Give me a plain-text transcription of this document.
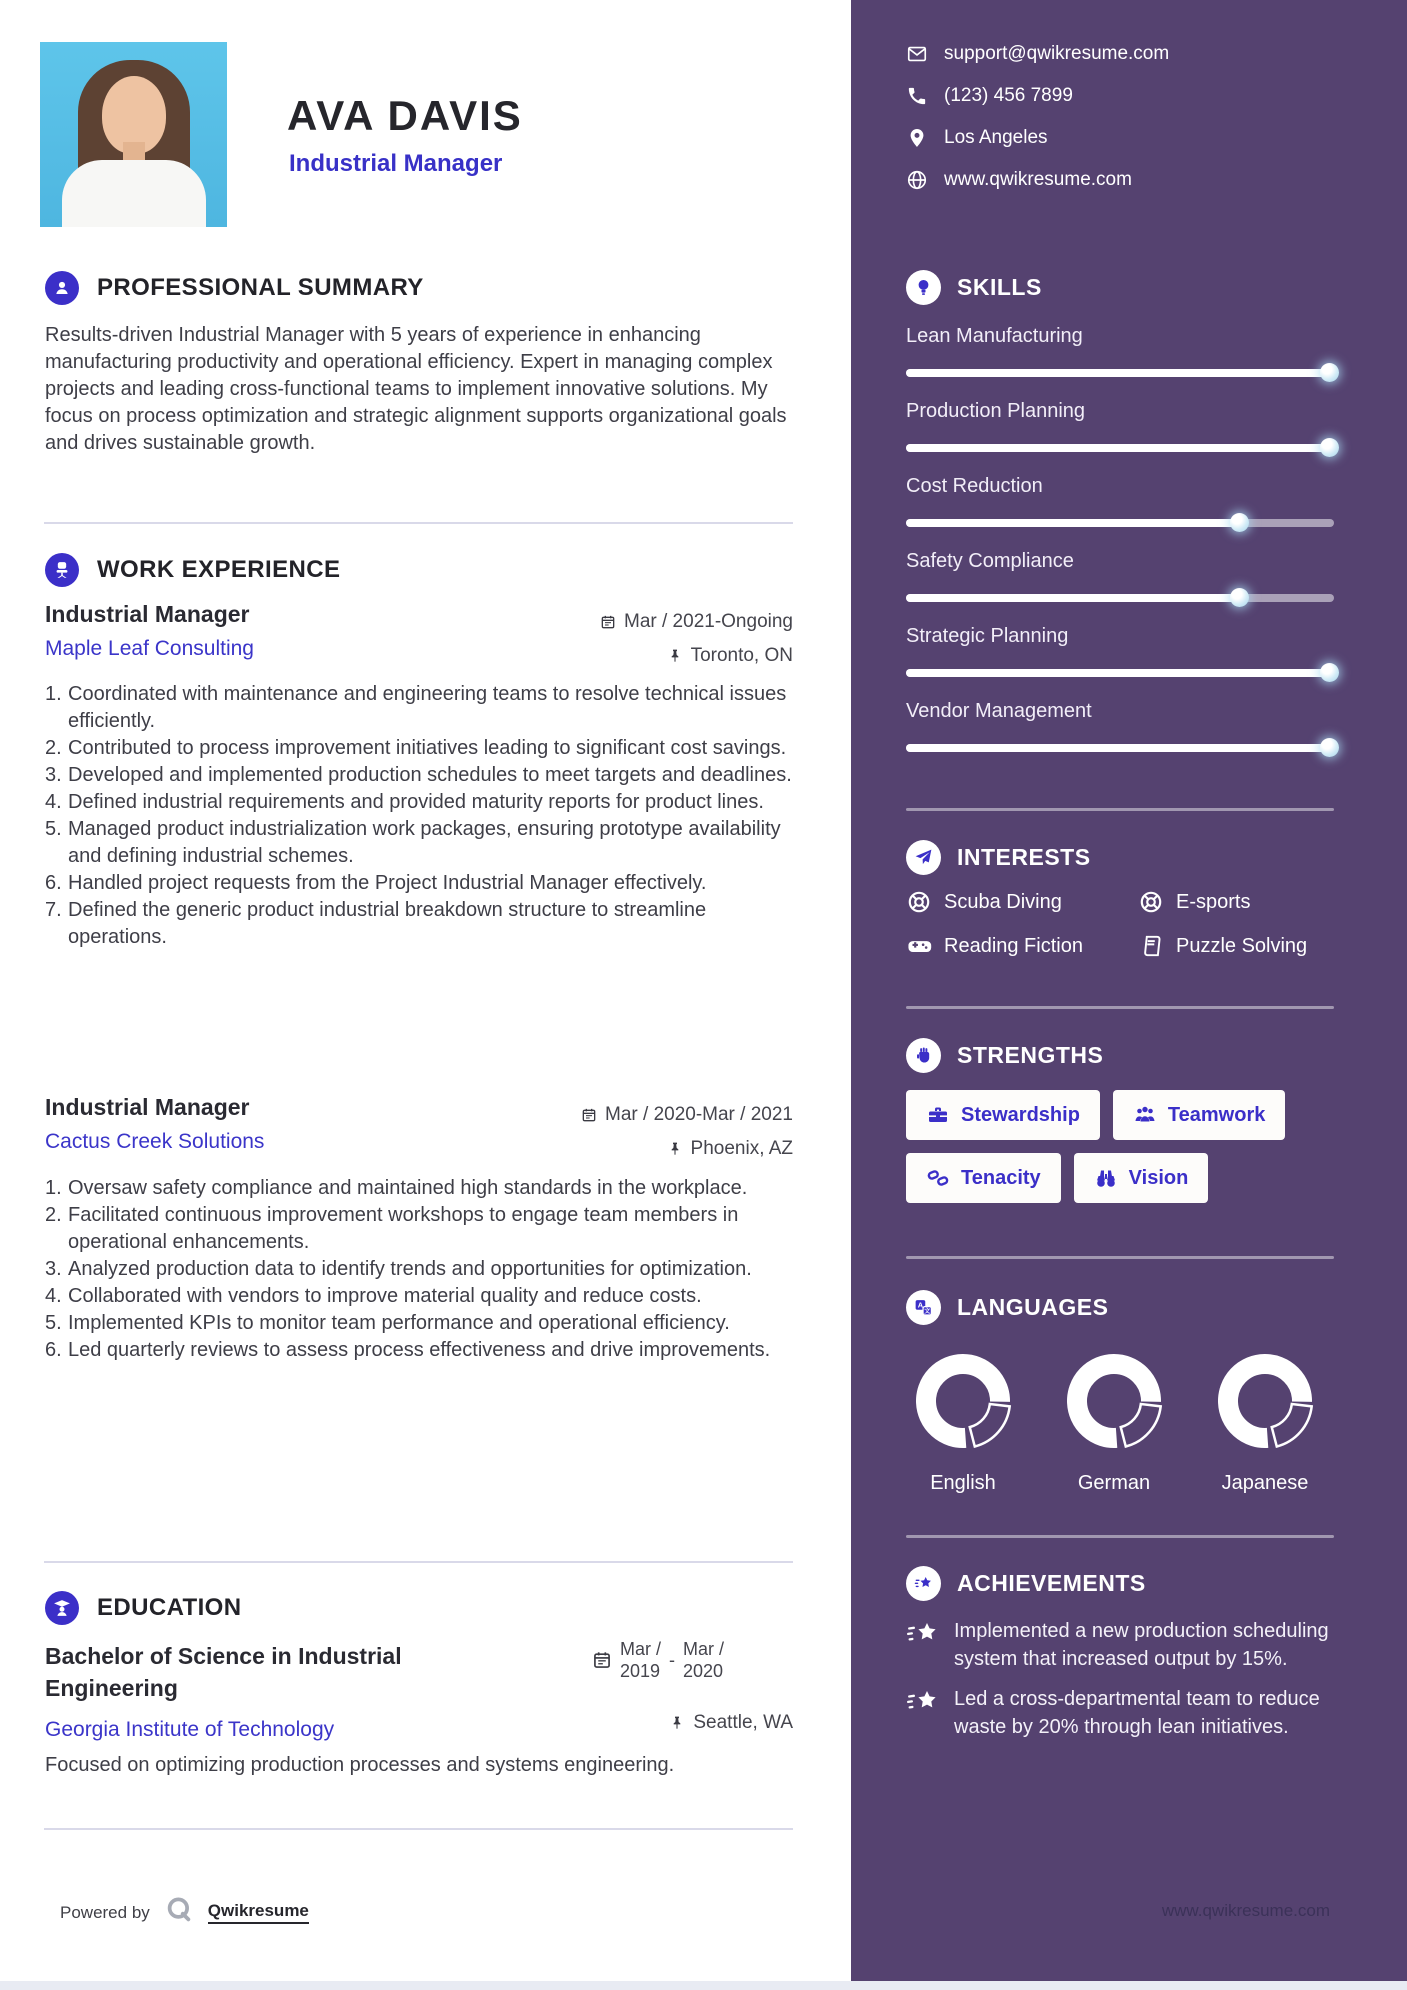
AVA DAVIS
Industrial Manager
PROFESSIONAL SUMMARY
Results-driven Industrial Manager with 5 years of experience in enhancing manufacturing productivity and operational efficiency. Expert in managing complex projects and leading cross-functional teams to implement innovative solutions. My focus on process optimization and strategic alignment supports organizational goals and drives sustainable growth.
WORK EXPERIENCE
Industrial Manager	Mar / 2021-Ongoing
Maple Leaf Consulting	Toronto, ON
1. Coordinated with maintenance and engineering teams to resolve technical issues efficiently.
2. Contributed to process improvement initiatives leading to significant cost savings.
3. Developed and implemented production schedules to meet targets and deadlines.
4. Defined industrial requirements and provided maturity reports for product lines.
5. Managed product industrialization work packages, ensuring prototype availability and defining industrial schemes.
6. Handled project requests from the Project Industrial Manager effectively.
7. Defined the generic product industrial breakdown structure to streamline operations.
Industrial Manager	Mar / 2020-Mar / 2021
Cactus Creek Solutions	Phoenix, AZ
1. Oversaw safety compliance and maintained high standards in the workplace.
2. Facilitated continuous improvement workshops to engage team members in operational enhancements.
3. Analyzed production data to identify trends and opportunities for optimization.
4. Collaborated with vendors to improve material quality and reduce costs.
5. Implemented KPIs to monitor team performance and operational efficiency.
6. Led quarterly reviews to assess process effectiveness and drive improvements.
EDUCATION
Bachelor of Science in Industrial Engineering
Mar /
2019
-
Mar /
2020
Seattle, WA
Georgia Institute of Technology
Focused on optimizing production processes and systems engineering.
Powered by	Qwikresume
support@qwikresume.com
(123) 456 7899
Los Angeles
www.qwikresume.com
SKILLS
Lean Manufacturing
Production Planning
Cost Reduction
Safety Compliance
Strategic Planning
Vendor Management
INTERESTS
Scuba Diving	E-sports
Reading Fiction	Puzzle Solving
STRENGTHS
Stewardship	Teamwork
Tenacity	Vision
A
文 LANGUAGES
English	German	Japanese
ACHIEVEMENTS
Implemented a new production scheduling system that increased output by 15%.
Led a cross-departmental team to reduce waste by 20% through lean initiatives.
www.qwikresume.com
